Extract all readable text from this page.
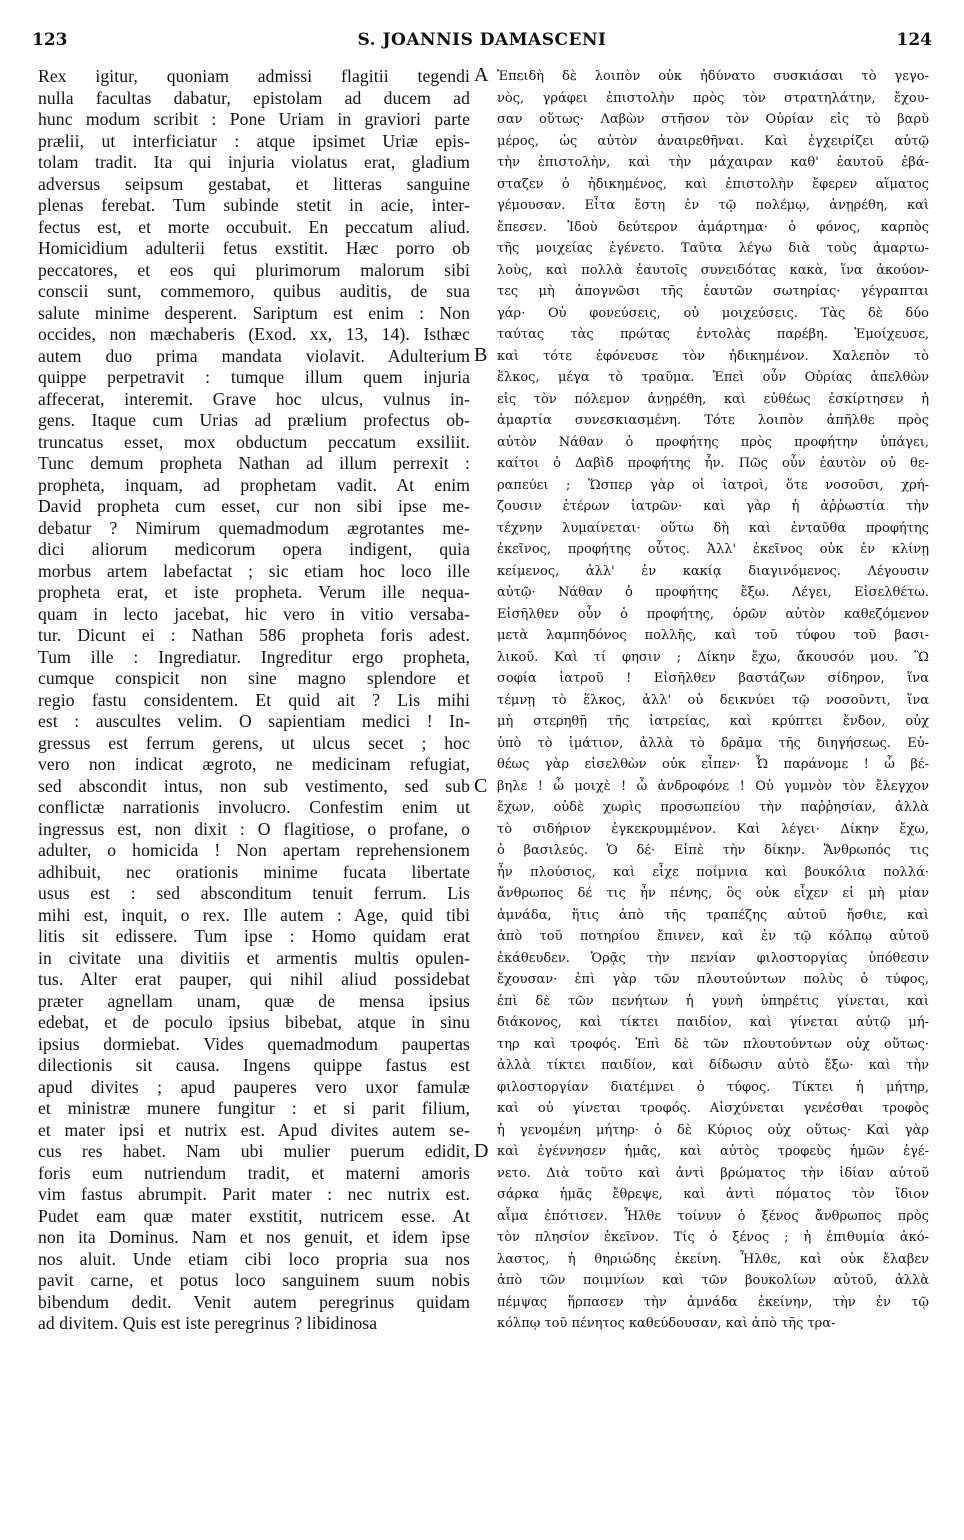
123	S. JOANNIS DAMASCENI	124
Rex igitur, quoniam admissi flagitii tegendi
nulla facultas dabatur, epistolam ad ducem ad
hunc modum scribit : Pone Uriam in graviori parte
prælii, ut interficiatur : atque ipsimet Uriæ epis-
tolam tradit. Ita qui injuria violatus erat, gladium
adversus seipsum gestabat, et litteras sanguine
plenas ferebat. Tum subinde stetit in acie, inter-
fectus est, et morte occubuit. En peccatum aliud.
Homicidium adulterii fetus exstitit. Hæc porro ob
peccatores, et eos qui plurimorum malorum sibi
conscii sunt, commemoro, quibus auditis, de sua
salute minime desperent. Sariptum est enim : Non
occides, non mæchaberis (Exod. xx, 13, 14). Isthæc
autem duo prima mandata violavit. Adulterium
quippe perpetravit : tumque illum quem injuria
affecerat, interemit. Grave hoc ulcus, vulnus in-
gens. Itaque cum Urias ad prælium profectus ob-
truncatus esset, mox obductum peccatum exsiliit.
Tunc demum propheta Nathan ad illum perrexit :
propheta, inquam, ad prophetam vadit. At enim
David propheta cum esset, cur non sibi ipse me-
debatur ? Nimirum quemadmodum ægrotantes me-
dici aliorum medicorum opera indigent, quia
morbus artem labefactat ; sic etiam hoc loco ille
propheta erat, et iste propheta. Verum ille nequa-
quam in lecto jacebat, hic vero in vitio versaba-
tur. Dicunt ei : Nathan 586 propheta foris adest.
Tum ille : Ingrediatur. Ingreditur ergo propheta,
cumque conspicit non sine magno splendore et
regio fastu considentem. Et quid ait ? Lis mihi
est : auscultes velim. O sapientiam medici ! In-
gressus est ferrum gerens, ut ulcus secet ; hoc
vero non indicat ægroto, ne medicinam refugiat,
sed abscondit intus, non sub vestimento, sed sub
conflictæ narrationis involucro. Confestim enim ut
ingressus est, non dixit : O flagitiose, o profane, o
adulter, o homicida ! Non apertam reprehensionem
adhibuit, nec orationis minime fucata libertate
usus est : sed absconditum tenuit ferrum. Lis
mihi est, inquit, o rex. Ille autem : Age, quid tibi
litis sit edissere. Tum ipse : Homo quidam erat
in civitate una divitiis et armentis multis opulen-
tus. Alter erat pauper, qui nihil aliud possidebat
præter agnellam unam, quæ de mensa ipsius
edebat, et de poculo ipsius bibebat, atque in sinu
ipsius dormiebat. Vides quemadmodum paupertas
dilectionis sit causa. Ingens quippe fastus est
apud divites ; apud pauperes vero uxor famulæ
et ministræ munere fungitur : et si parit filium,
et mater ipsi et nutrix est. Apud divites autem se-
cus res habet. Nam ubi mulier puerum edidit,
foris eum nutriendum tradit, et materni amoris
vim fastus abrumpit. Parit mater : nec nutrix est.
Pudet eam quæ mater exstitit, nutricem esse. At
non ita Dominus. Nam et nos genuit, et idem ipse
nos aluit. Unde etiam cibi loco propria sua nos
pavit carne, et potus loco sanguinem suum nobis
bibendum dedit. Venit autem peregrinus quidam
ad divitem. Quis est iste peregrinus ? libidinosa
Ἐπειδὴ δὲ λοιπὸν οὐκ ἠδύνατο συσκιάσαι τὸ γεγο-
νὸς, γράφει ἐπιστολὴν πρὸς τὸν στρατηλάτην, ἔχου-
σαν οὕτως· Λαβὼν στῆσον τὸν Οὐρίαν εἰς τὸ βαρὺ
μέρος, ὡς αὐτὸν ἀναιρεθῆναι. Καὶ ἐγχειρίζει αὐτῷ
τὴν ἐπιστολὴν, καὶ τὴν μάχαιραν καθ' ἑαυτοῦ ἐβά-
σταζεν ὁ ἠδικημένος, καὶ ἐπιστολὴν ἔφερεν αἵματος
γέμουσαν. Εἶτα ἔστη ἐν τῷ πολέμῳ, ἀνῃρέθη, καὶ
ἔπεσεν. Ἰδοὺ δεύτερον ἁμάρτημα· ὁ φόνος, καρπὸς
τῆς μοιχείας ἐγένετο. Ταῦτα λέγω διὰ τοὺς ἁμαρτω-
λοὺς, καὶ πολλὰ ἑαυτοῖς συνειδότας κακὰ, ἵνα ἀκούον-
τες μὴ ἀπογνῶσι τῆς ἑαυτῶν σωτηρίας· γέγραπται
γάρ· Οὐ φονεύσεις, οὐ μοιχεύσεις. Τὰς δὲ δύο
ταύτας τὰς πρώτας ἐντολὰς παρέβη. Ἐμοίχευσε,
καὶ τότε ἐφόνευσε τὸν ἠδικημένον. Χαλεπὸν τὸ
ἕλκος, μέγα τὸ τραῦμα. Ἐπεὶ οὖν Οὐρίας ἀπελθὼν
εἰς τὸν πόλεμον ἀνῃρέθη, καὶ εὐθέως ἐσκίρτησεν ἡ
ἁμαρτία συνεσκιασμένη. Τότε λοιπὸν ἀπῆλθε πρὸς
αὐτὸν Νάθαν ὁ προφήτης πρὸς προφήτην ὑπάγει,
καίτοι ὁ Δαβὶδ προφήτης ἦν. Πῶς οὖν ἑαυτὸν οὐ θε-
ραπεύει ; Ὥσπερ γὰρ οἱ ἰατροὶ, ὅτε νοσοῦσι, χρή-
ζουσιν ἑτέρων ἰατρῶν· καὶ γὰρ ἡ ἀῤῥωστία τὴν
τέχνην λυμαίνεται· οὕτω δὴ καὶ ἐνταῦθα προφήτης
ἐκεῖνος, προφήτης οὗτος. Ἀλλ' ἐκεῖνος οὐκ ἐν κλίνῃ
κείμενος, ἀλλ' ἐν κακίᾳ διαγινόμενος. Λέγουσιν
αὐτῷ· Νάθαν ὁ προφήτης ἔξω. Λέγει, Εἰσελθέτω.
Εἰσῆλθεν οὖν ὁ προφήτης, ὁρῶν αὐτὸν καθεζόμενον
μετὰ λαμπηδόνος πολλῆς, καὶ τοῦ τύφου τοῦ βασι-
λικοῦ. Καὶ τί φησιν ; Δίκην ἔχω, ἄκουσόν μου. Ὢ
σοφία ἰατροῦ ! Εἰσῆλθεν βαστάζων σίδηρον, ἵνα
τέμνῃ τὸ ἕλκος, ἀλλ' οὐ δεικνύει τῷ νοσοῦντι, ἵνα
μὴ στερηθῇ τῆς ἰατρείας, καὶ κρύπτει ἔνδον, οὐχ
ὑπὸ τὸ ἱμάτιον, ἀλλὰ τὸ δρᾶμα τῆς διηγήσεως. Εὐ-
θέως γὰρ εἰσελθὼν οὐκ εἶπεν· Ὦ παράνομε ! ὦ βέ-
βηλε ! ὦ μοιχὲ ! ὦ ἀνδροφόνε ! Οὐ γυμνὸν τὸν ἔλεγχον
ἔχων, οὐδὲ χωρὶς προσωπείου τὴν παῤῥησίαν, ἀλλὰ
τὸ σιδήριον ἐγκεκρυμμένον. Καὶ λέγει· Δίκην ἔχω,
ὁ βασιλεύς. Ὁ δέ· Εἰπὲ τὴν δίκην. Ἄνθρωπός τις
ἦν πλούσιος, καὶ εἶχε ποίμνια καὶ βουκόλια πολλά·
ἄνθρωπος δέ τις ἦν πένης, ὃς οὐκ εἶχεν εἰ μὴ μίαν
ἀμνάδα, ἥτις ἀπὸ τῆς τραπέζης αὐτοῦ ἤσθιε, καὶ
ἀπὸ τοῦ ποτηρίου ἔπινεν, καὶ ἐν τῷ κόλπῳ αὐτοῦ
ἐκάθευδεν. Ὁρᾷς τὴν πενίαν φιλοστοργίας ὑπόθεσιν
ἔχουσαν· ἐπὶ γὰρ τῶν πλουτούντων πολὺς ὁ τύφος,
ἐπὶ δὲ τῶν πενήτων ἡ γυνὴ ὑπηρέτις γίνεται, καὶ
διάκονος, καὶ τίκτει παιδίον, καὶ γίνεται αὐτῷ μή-
τηρ καὶ τροφός. Ἐπὶ δὲ τῶν πλουτούντων οὐχ οὕτως·
ἀλλὰ τίκτει παιδίον, καὶ δίδωσιν αὐτὸ ἔξω· καὶ τὴν
φιλοστοργίαν διατέμνει ὁ τύφος. Τίκτει ἡ μήτηρ,
καὶ οὐ γίνεται τροφός. Αἰσχύνεται γενέσθαι τροφὸς
ἡ γενομένη μήτηρ· ὁ δὲ Κύριος οὐχ οὕτως· Καὶ γὰρ
καὶ ἐγέννησεν ἡμᾶς, καὶ αὐτὸς τροφεὺς ἡμῶν ἐγέ-
νετο. Διὰ τοῦτο καὶ ἀντὶ βρώματος τὴν ἰδίαν αὐτοῦ
σάρκα ἡμᾶς ἔθρεψε, καὶ ἀντὶ πόματος τὸν ἴδιον
αἷμα ἐπότισεν. Ἦλθε τοίνυν ὁ ξένος ἄνθρωπος πρὸς
τὸν πλησίον ἐκεῖνον. Τίς ὁ ξένος ; ἡ ἐπιθυμία ἀκό-
λαστος, ἡ θηριώδης ἐκείνη. Ἦλθε, καὶ οὐκ ἔλαβεν
ἀπὸ τῶν ποιμνίων καὶ τῶν βουκολίων αὐτοῦ, ἀλλὰ
πέμψας ἥρπασεν τὴν ἀμνάδα ἐκείνην, τὴν ἐν τῷ
κόλπῳ τοῦ πένητος καθεύδουσαν, καὶ ἀπὸ τῆς τρα-
A
B
C
D
